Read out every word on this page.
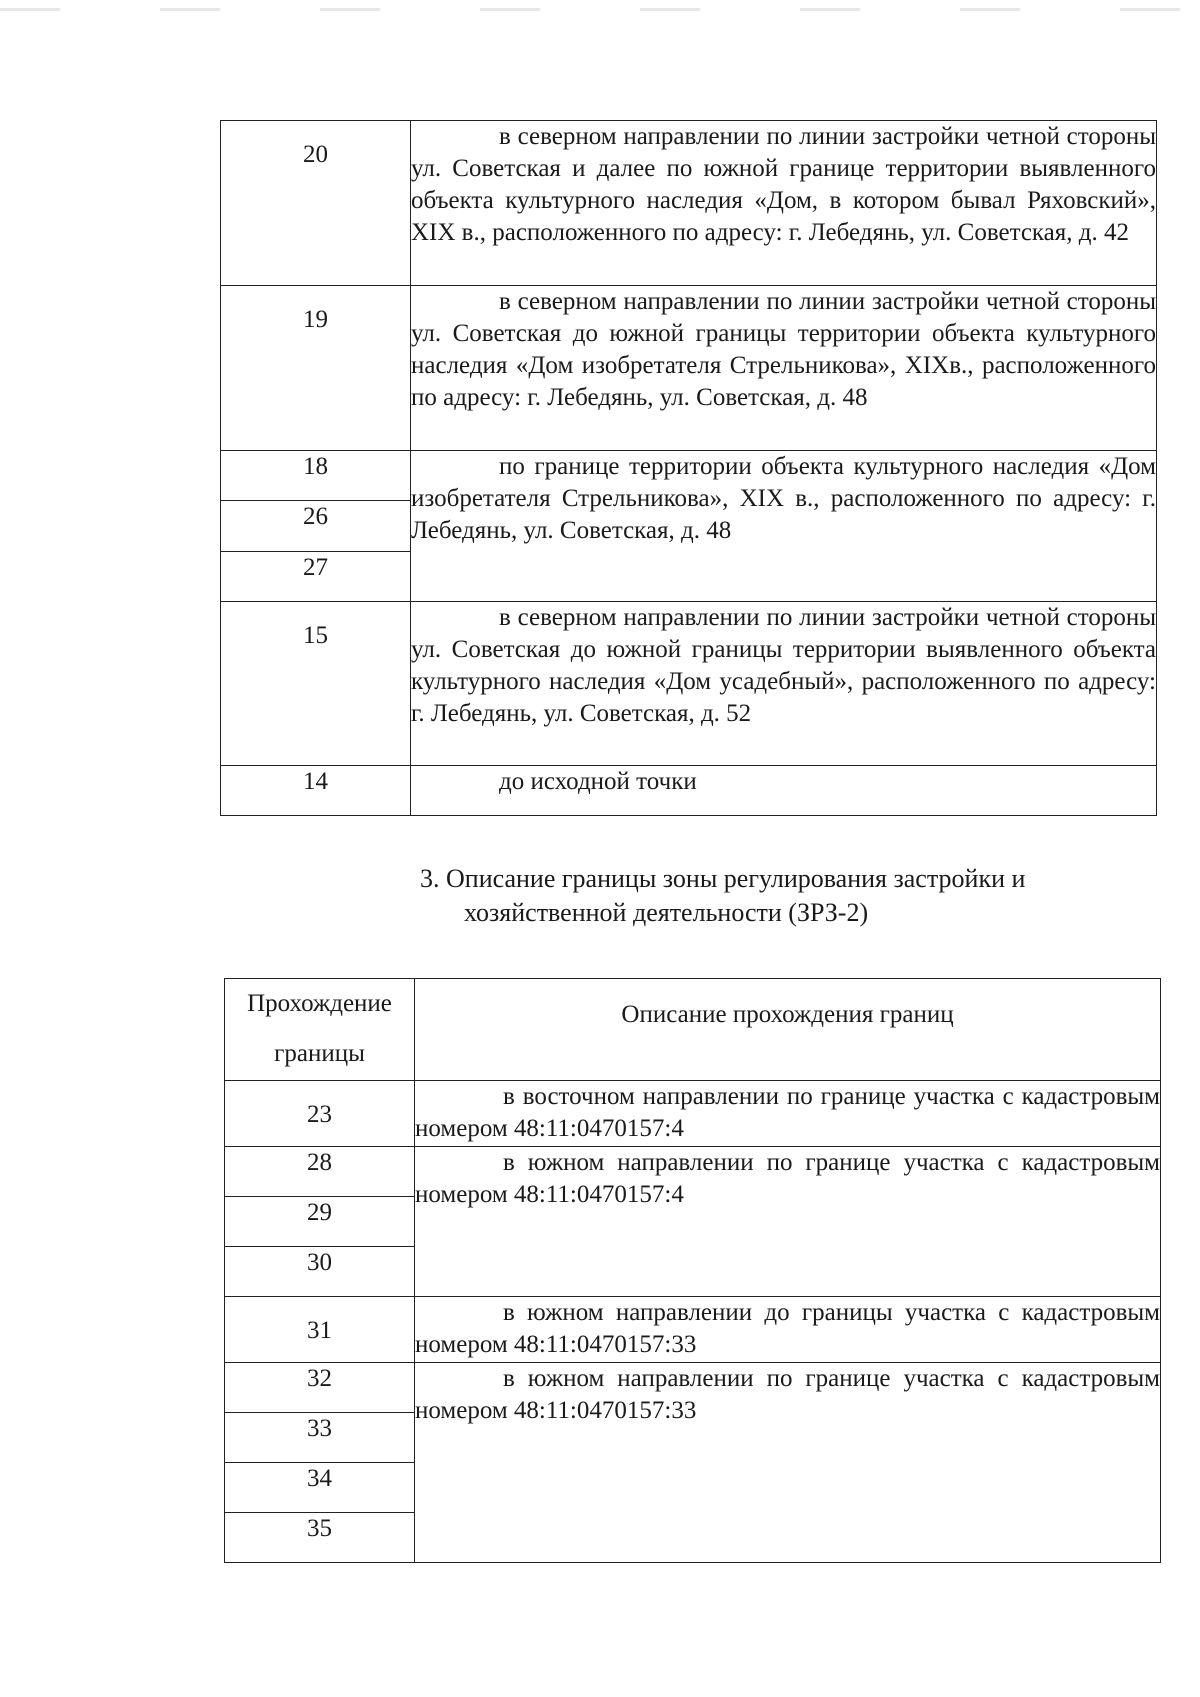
20	в северном направлении по линии застройки четной стороны ул. Советская и далее по южной границе территории выявленного объекта культурного наследия «Дом, в котором бывал Ряховский», XIX в., расположенного по адресу: г. Лебедянь, ул. Советская, д. 42

19	в северном направлении по линии застройки четной стороны ул. Советская до южной границы территории объекта культурного наследия «Дом изобретателя Стрельникова», XIXв., расположенного по адресу: г. Лебедянь, ул. Советская, д. 48

18	по границе территории объекта культурного наследия «Дом изобретателя Стрельникова», XIX в., расположенного по адресу: г. Лебедянь, ул. Советская, д. 48

26	
27	
15	в северном направлении по линии застройки четной стороны ул. Советская до южной границы территории выявленного объекта культурного наследия «Дом усадебный», расположенного по адресу: г. Лебедянь, ул. Советская, д. 52

14	до исходной точки
3. Описание границы зоны регулирования застройки и
хозяйственной деятельности (ЗРЗ-2)
Прохождение границы	Описание прохождения границ
23	в восточном направлении по границе участка с кадастровым номером 48:11:0470157:4

28	в южном направлении по границе участка с кадастровым номером 48:11:0470157:4

29	
30	
31	в южном направлении до границы участка с кадастровым номером 48:11:0470157:33

32	в южном направлении по границе участка с кадастровым номером 48:11:0470157:33

33	
34	
35	
